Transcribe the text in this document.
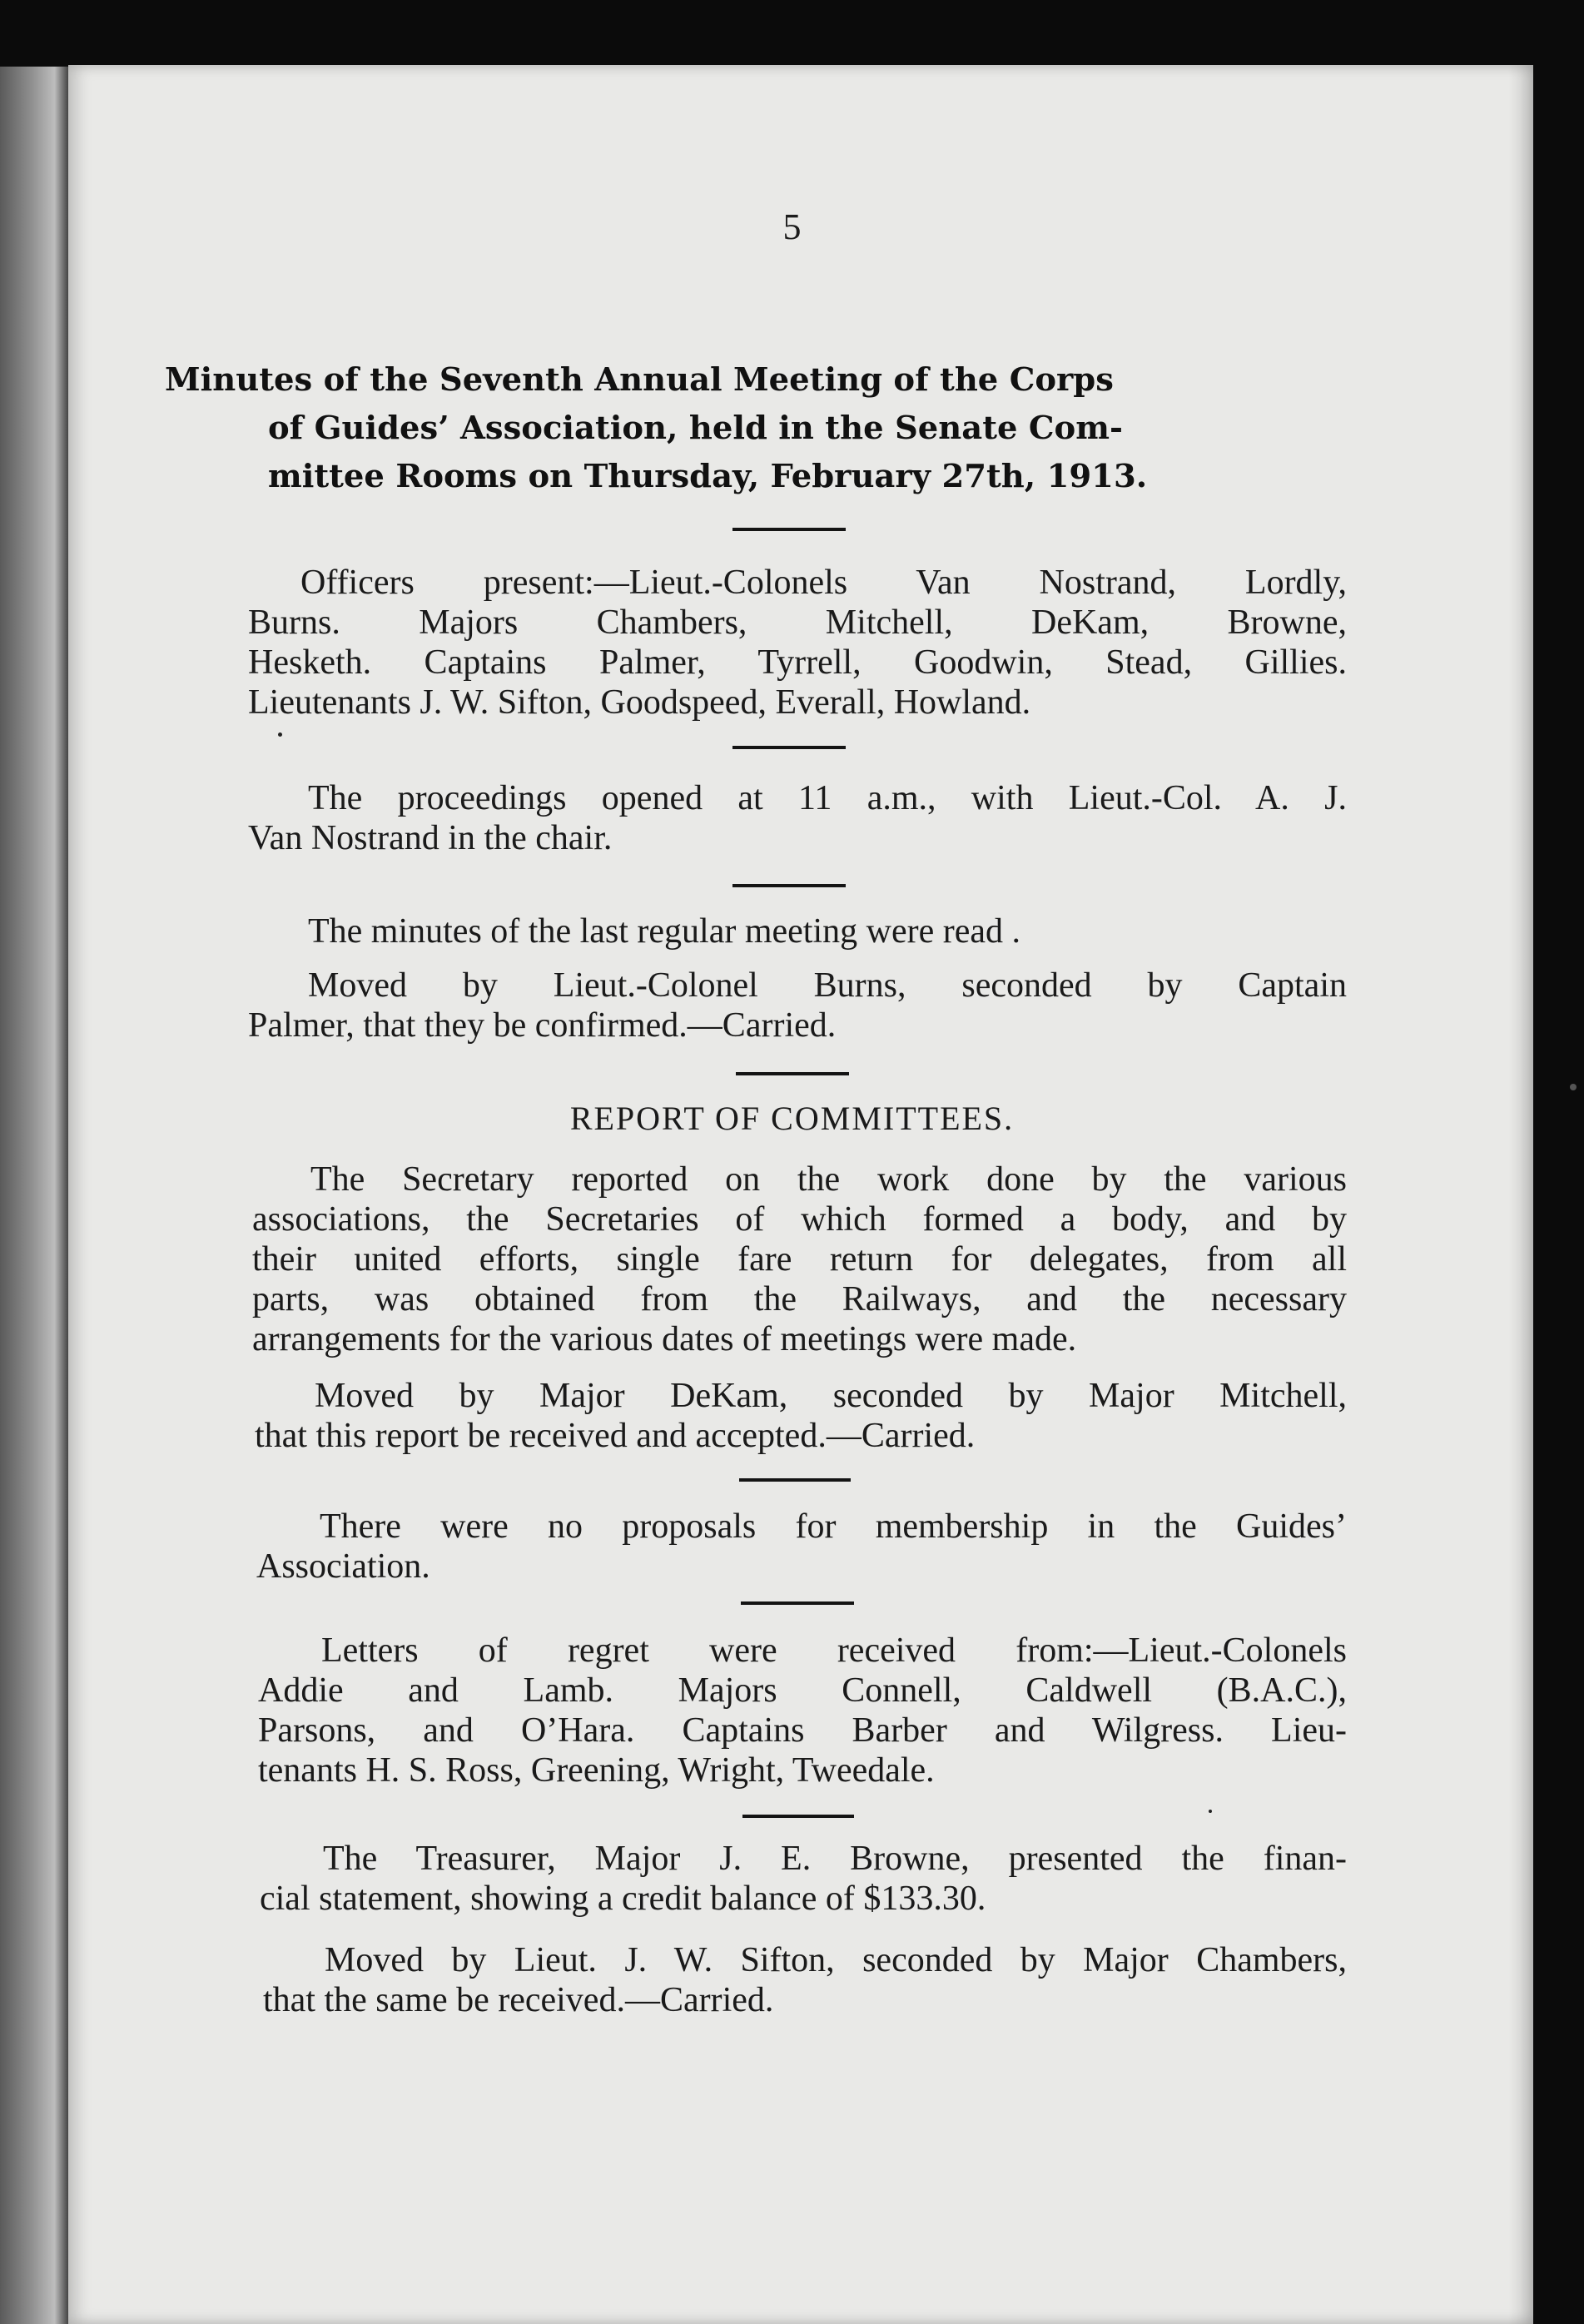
5
Minutes of the Seventh Annual Meeting of the Corps
of Guides’ Association, held in the Senate Com-
mittee Rooms on Thursday, February 27th, 1913.
Officers present:—Lieut.-Colonels Van Nostrand, Lordly,
Burns. Majors Chambers, Mitchell, DeKam, Browne,
Hesketh. Captains Palmer, Tyrrell, Goodwin, Stead, Gillies.
Lieutenants J. W. Sifton, Goodspeed, Everall, Howland.
The proceedings opened at 11 a.m., with Lieut.-Col. A. J.
Van Nostrand in the chair.
The minutes of the last regular meeting were read .
Moved by Lieut.-Colonel Burns, seconded by Captain
Palmer, that they be confirmed.—Carried.
REPORT OF COMMITTEES.
The Secretary reported on the work done by the various
associations, the Secretaries of which formed a body, and by
their united efforts, single fare return for delegates, from all
parts, was obtained from the Railways, and the necessary
arrangements for the various dates of meetings were made.
Moved by Major DeKam, seconded by Major Mitchell,
that this report be received and accepted.—Carried.
There were no proposals for membership in the Guides’
Association.
Letters of regret were received from:—Lieut.-Colonels
Addie and Lamb. Majors Connell, Caldwell (B.A.C.),
Parsons, and O’Hara. Captains Barber and Wilgress. Lieu-
tenants H. S. Ross, Greening, Wright, Tweedale.
The Treasurer, Major J. E. Browne, presented the finan-
cial statement, showing a credit balance of $133.30.
Moved by Lieut. J. W. Sifton, seconded by Major Chambers,
that the same be received.—Carried.
